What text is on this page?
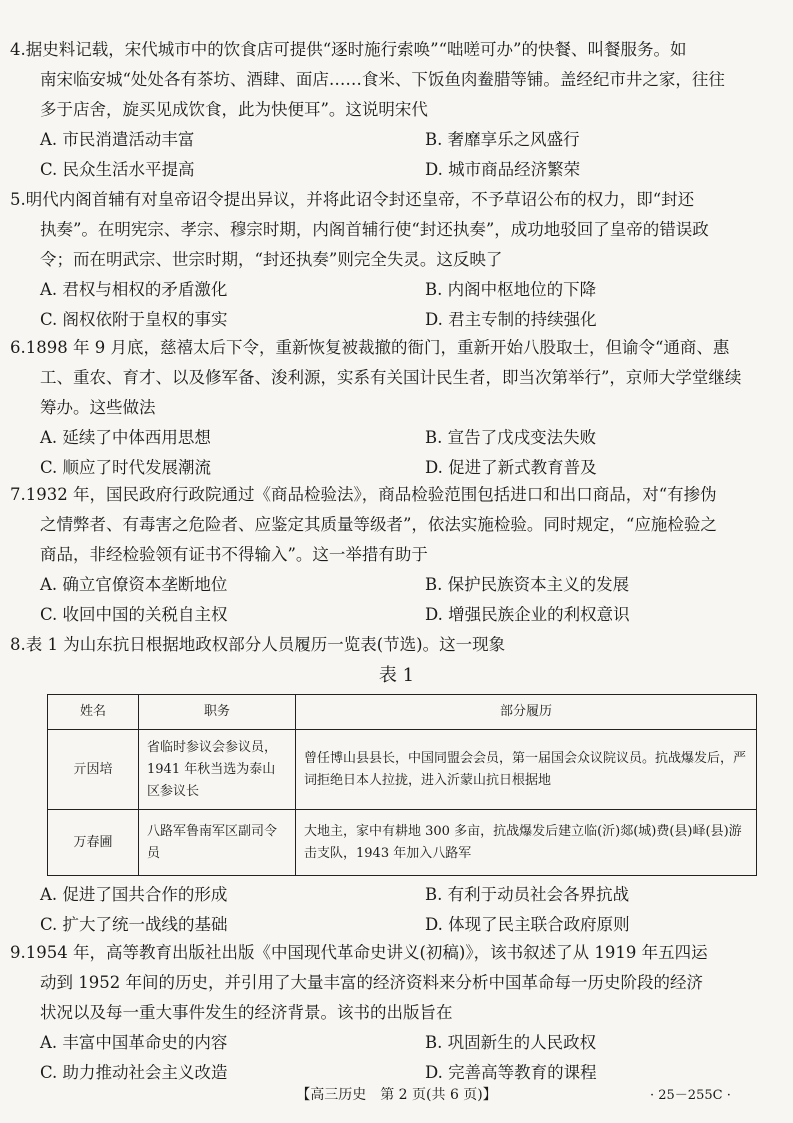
4.据史料记载，宋代城市中的饮食店可提供“逐时施行索唤”“咄嗟可办”的快餐、叫餐服务。如
南宋临安城“处处各有茶坊、酒肆、面店……食米、下饭鱼肉鲞腊等铺。盖经纪市井之家，往往
多于店舍，旋买见成饮食，此为快便耳”。这说明宋代

A. 市民消遣活动丰富	B. 奢靡享乐之风盛行
C. 民众生活水平提高	D. 城市商品经济繁荣

5.明代内阁首辅有对皇帝诏令提出异议，并将此诏令封还皇帝，不予草诏公布的权力，即“封还
执奏”。在明宪宗、孝宗、穆宗时期，内阁首辅行使“封还执奏”，成功地驳回了皇帝的错误政
令；而在明武宗、世宗时期，“封还执奏”则完全失灵。这反映了

A. 君权与相权的矛盾激化	B. 内阁中枢地位的下降
C. 阁权依附于皇权的事实	D. 君主专制的持续强化

6.1898 年 9 月底，慈禧太后下令，重新恢复被裁撤的衙门，重新开始八股取士，但谕令“通商、惠
工、重农、育才、以及修军备、浚利源，实系有关国计民生者，即当次第举行”，京师大学堂继续
筹办。这些做法

A. 延续了中体西用思想	B. 宣告了戊戌变法失败
C. 顺应了时代发展潮流	D. 促进了新式教育普及

7.1932 年，国民政府行政院通过《商品检验法》，商品检验范围包括进口和出口商品，对“有掺伪
之情弊者、有毒害之危险者、应鉴定其质量等级者”，依法实施检验。同时规定，“应施检验之
商品，非经检验领有证书不得输入”。这一举措有助于

A. 确立官僚资本垄断地位	B. 保护民族资本主义的发展
C. 收回中国的关税自主权	D. 增强民族企业的利权意识

8.表 1 为山东抗日根据地政权部分人员履历一览表(节选)。这一现象

表 1
姓名	职务	部分履历
亓因培	省临时参议会参议员，1941 年秋当选为泰山区参议长	曾任博山县县长，中国同盟会会员，第一届国会众议院议员。抗战爆发后，严词拒绝日本人拉拢，进入沂蒙山抗日根据地
万春圃	八路军鲁南军区副司令员	大地主，家中有耕地 300 多亩，抗战爆发后建立临(沂)郯(城)费(县)峄(县)游击支队，1943 年加入八路军
A. 促进了国共合作的形成	B. 有利于动员社会各界抗战
C. 扩大了统一战线的基础	D. 体现了民主联合政府原则

9.1954 年，高等教育出版社出版《中国现代革命史讲义(初稿)》，该书叙述了从 1919 年五四运
动到 1952 年间的历史，并引用了大量丰富的经济资料来分析中国革命每一历史阶段的经济
状况以及每一重大事件发生的经济背景。该书的出版旨在

A. 丰富中国革命史的内容	B. 巩固新生的人民政权
C. 助力推动社会主义改造	D. 完善高等教育的课程
【高三历史　第 2 页(共 6 页)】	· 25－255C ·
